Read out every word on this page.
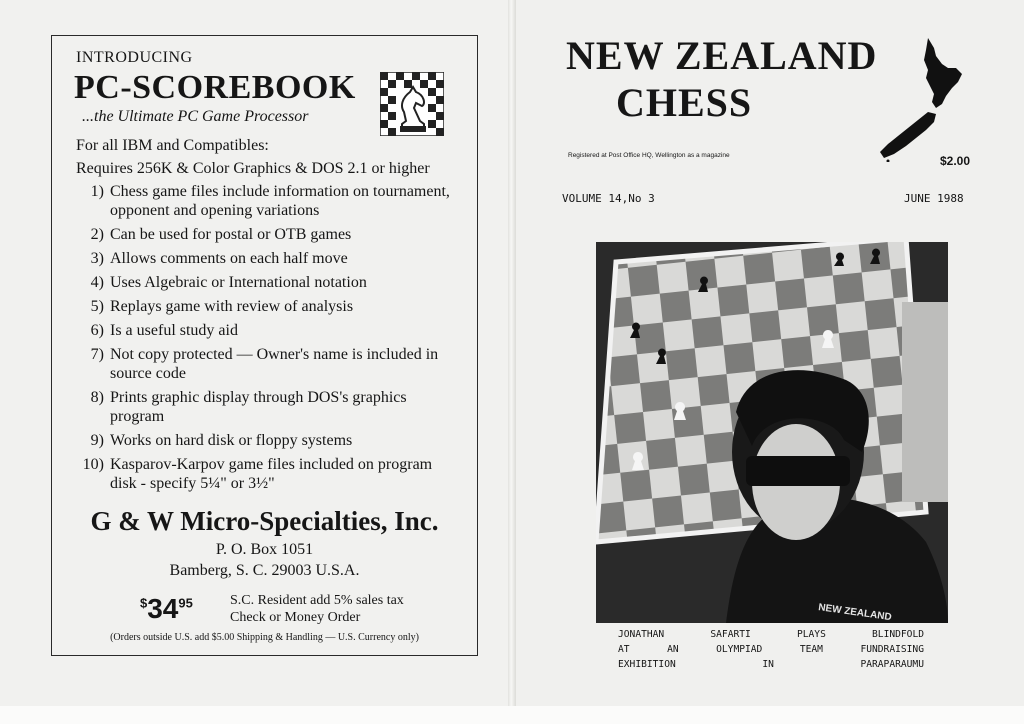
INTRODUCING

PC-SCOREBOOK

...the Ultimate PC Game Processor

For all IBM and Compatibles:
Requires 256K & Color Graphics & DOS 2.1 or higher

1) Chess game files include information on tournament, opponent and opening variations
2) Can be used for postal or OTB games
3) Allows comments on each half move
4) Uses Algebraic or International notation
5) Replays game with review of analysis
6) Is a useful study aid
7) Not copy protected — Owner's name is included in source code
8) Prints graphic display through DOS's graphics program
9) Works on hard disk or floppy systems
10) Kasparov-Karpov game files included on program disk - specify 5¼" or 3½"

G & W Micro-Specialties, Inc.

P. O. Box 1051

Bamberg, S. C. 29003 U.S.A.

$^{\$}34^{95}$	S.C. Resident add 5% sales tax
Check or Money Order

(Orders outside U.S. add $5.00 Shipping & Handling — U.S. Currency only)

NEW ZEALAND

CHESS

Registered at Post Office HQ, Wellington as a magazine	$2.00

VOLUME 14,No 3	JUNE 1988

NEW ZEALAND
JONATHAN	SAFARTI	PLAYS	BLINDFOLD
AT	AN	OLYMPIAD	TEAM	FUNDRAISING
EXHIBITION	IN	PARAPARAUMU
